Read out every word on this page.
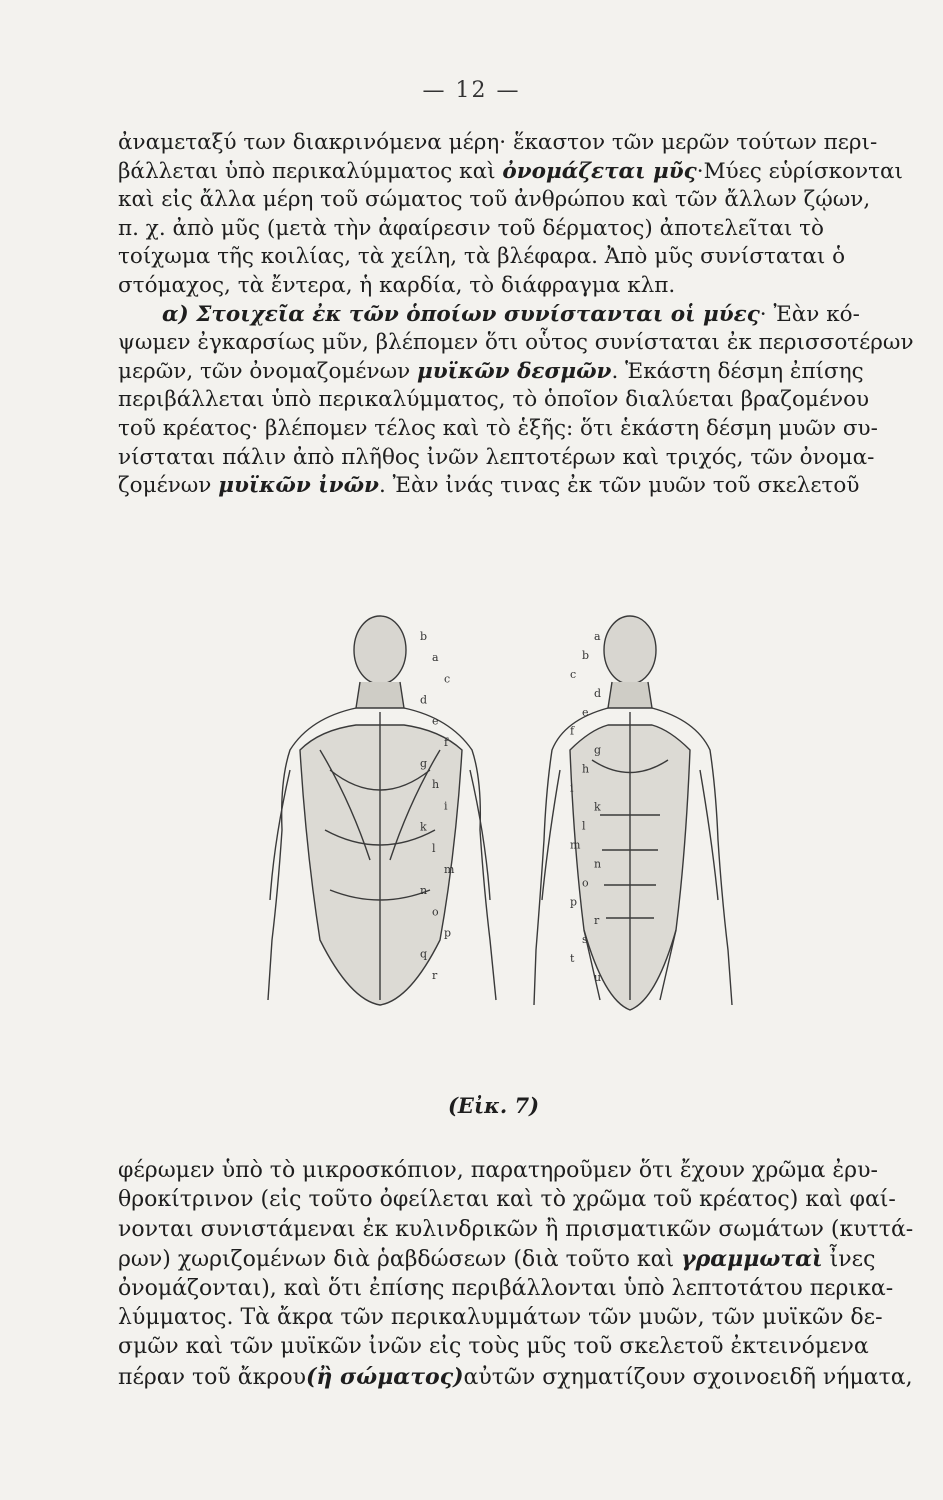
— 12 —
ἀναμεταξύ των διακρινόμενα μέρη· ἕκαστον τῶν μερῶν τούτων περι-
βάλλεται ὑπὸ περικαλύμματος καὶ ὀνομάζεται μῦς·Μύες εὑρίσκονται
καὶ εἰς ἄλλα μέρη τοῦ σώματος τοῦ ἀνθρώπου καὶ τῶν ἄλλων ζῴων,
π. χ. ἀπὸ μῦς (μετὰ τὴν ἀφαίρεσιν τοῦ δέρματος) ἀποτελεῖται τὸ
τοίχωμα τῆς κοιλίας, τὰ χείλη, τὰ βλέφαρα. Ἀπὸ μῦς συνίσταται ὁ
στόμαχος, τὰ ἔντερα, ἡ καρδία, τὸ διάφραγμα κλπ.
α) Στοιχεῖα ἐκ τῶν ὁποίων συνίστανται οἱ μύες· Ἐὰν κό-
ψωμεν ἐγκαρσίως μῦν, βλέπομεν ὅτι οὗτος συνίσταται ἐκ περισσοτέρων
μερῶν, τῶν ὀνομαζομένων μυϊκῶν δεσμῶν. Ἑκάστη δέσμη ἐπίσης
περιβάλλεται ὑπὸ περικαλύμματος, τὸ ὁποῖον διαλύεται βραζομένου
τοῦ κρέατος· βλέπομεν τέλος καὶ τὸ ἑξῆς: ὅτι ἑκάστη δέσμη μυῶν συ-
νίσταται πάλιν ἀπὸ πλῆθος ἰνῶν λεπτοτέρων καὶ τριχός, τῶν ὀνομα-
ζομένων μυϊκῶν ἰνῶν. Ἐὰν ἰνάς τινας ἐκ τῶν μυῶν τοῦ σκελετοῦ
b
a
c
d
e
f
g
h
i
k
l
m
n
o
p
q
r
a
b
c
d
e
f
g
h
i
k
l
m
n
o
p
r
s
t
u
(Εἰκ. 7)
φέρωμεν ὑπὸ τὸ μικροσκόπιον, παρατηροῦμεν ὅτι ἔχουν χρῶμα ἐρυ-
θροκίτρινον (εἰς τοῦτο ὀφείλεται καὶ τὸ χρῶμα τοῦ κρέατος) καὶ φαί-
νονται συνιστάμεναι ἐκ κυλινδρικῶν ἢ πρισματικῶν σωμάτων (κυττά-
ρων) χωριζομένων διὰ ῥαβδώσεων (διὰ τοῦτο καὶ γραμμωταὶ ἶνες
ὀνομάζονται), καὶ ὅτι ἐπίσης περιβάλλονται ὑπὸ λεπτοτάτου περικα-
λύμματος. Τὰ ἄκρα τῶν περικαλυμμάτων τῶν μυῶν, τῶν μυϊκῶν δε-
σμῶν καὶ τῶν μυϊκῶν ἰνῶν εἰς τοὺς μῦς τοῦ σκελετοῦ ἐκτεινόμενα
πέραν τοῦ ἄκρου(ἢ σώματος)αὐτῶν σχηματίζουν σχοινοειδῆ νήματα,
